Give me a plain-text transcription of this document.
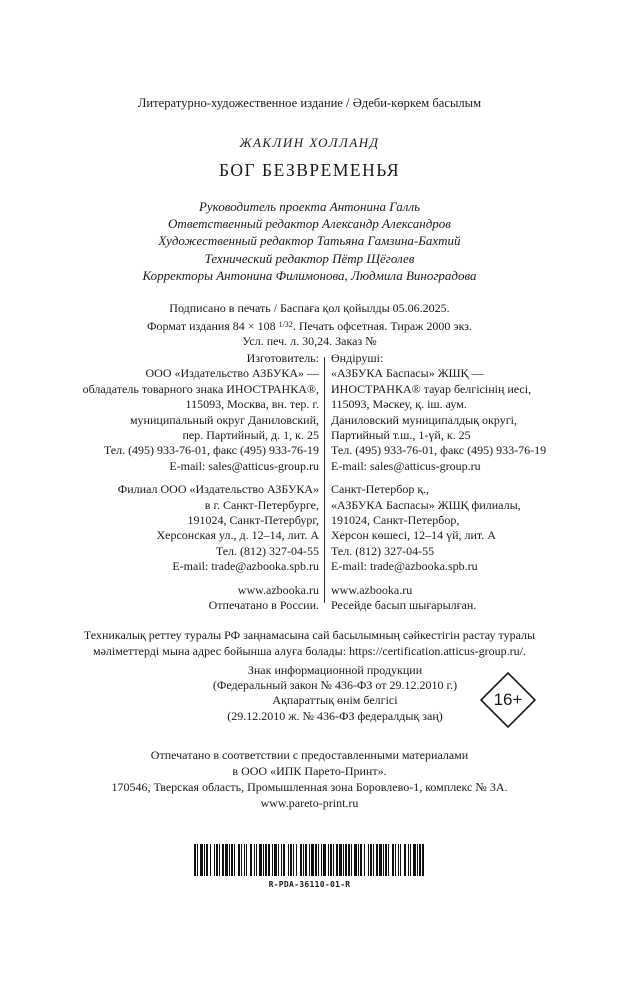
Литературно-художественное издание / Әдеби-көркем басылым
ЖАКЛИН ХОЛЛАНД
БОГ БЕЗВРЕМЕНЬЯ
Руководитель проекта Антонина Галль
Ответственный редактор Александр Александров
Художественный редактор Татьяна Гамзина-Бахтий
Технический редактор Пётр Щёголев
Корректоры Антонина Филимонова, Людмила Виноградова
Подписано в печать / Баспаға қол қойылды 05.06.2025.
Формат издания 84 × 108 $^{1/32}$. Печать офсетная. Тираж 2000 экз.
Усл. печ. л. 30,24. Заказ №
Изготовитель:
ООО «Издательство АЗБУКА» —
обладатель товарного знака ИНОСТРАНКА®,
115093, Москва, вн. тер. г.
муниципальный округ Даниловский,
пер. Партийный, д. 1, к. 25
Тел. (495) 933-76-01, факс (495) 933-76-19
E-mail: sales@atticus-group.ru
Филиал ООО «Издательство АЗБУКА»
в г. Санкт-Петербурге,
191024, Санкт-Петербург,
Херсонская ул., д. 12–14, лит. А
Тел. (812) 327-04-55
E-mail: trade@azbooka.spb.ru
www.azbooka.ru
Отпечатано в России.
Өндіруші:
«АЗБУКА Баспасы» ЖШҚ —
ИНОСТРАНКА® тауар белгісінің иесі,
115093, Мәскеу, қ. іш. аум.
Даниловский муниципалдық округі,
Партийный т.ш., 1-үй, к. 25
Тел. (495) 933-76-01, факс (495) 933-76-19
E-mail: sales@atticus-group.ru
Санкт-Петербор қ.,
«АЗБУКА Баспасы» ЖШҚ филиалы,
191024, Санкт-Петербор,
Херсон көшесі, 12–14 үй, лит. А
Тел. (812) 327-04-55
E-mail: trade@azbooka.spb.ru
www.azbooka.ru
Ресейде басып шығарылған.
Техникалық реттеу туралы РФ заңнамасына сай басылымның сәйкестігін растау туралы
мәліметтерді мына адрес бойынша алуға болады: https://certification.atticus-group.ru/.
Знак информационной продукции
(Федеральный закон № 436-ФЗ от 29.12.2010 г.)
Ақпараттық өнім белгісі
(29.12.2010 ж. № 436-ФЗ федералдық заң)
16+
Отпечатано в соответствии с предоставленными материалами
в ООО «ИПК Парето-Принт».
170546, Тверская область, Промышленная зона Боровлево-1, комплекс № 3А.
www.pareto-print.ru
R-PDA-36110-01-R
